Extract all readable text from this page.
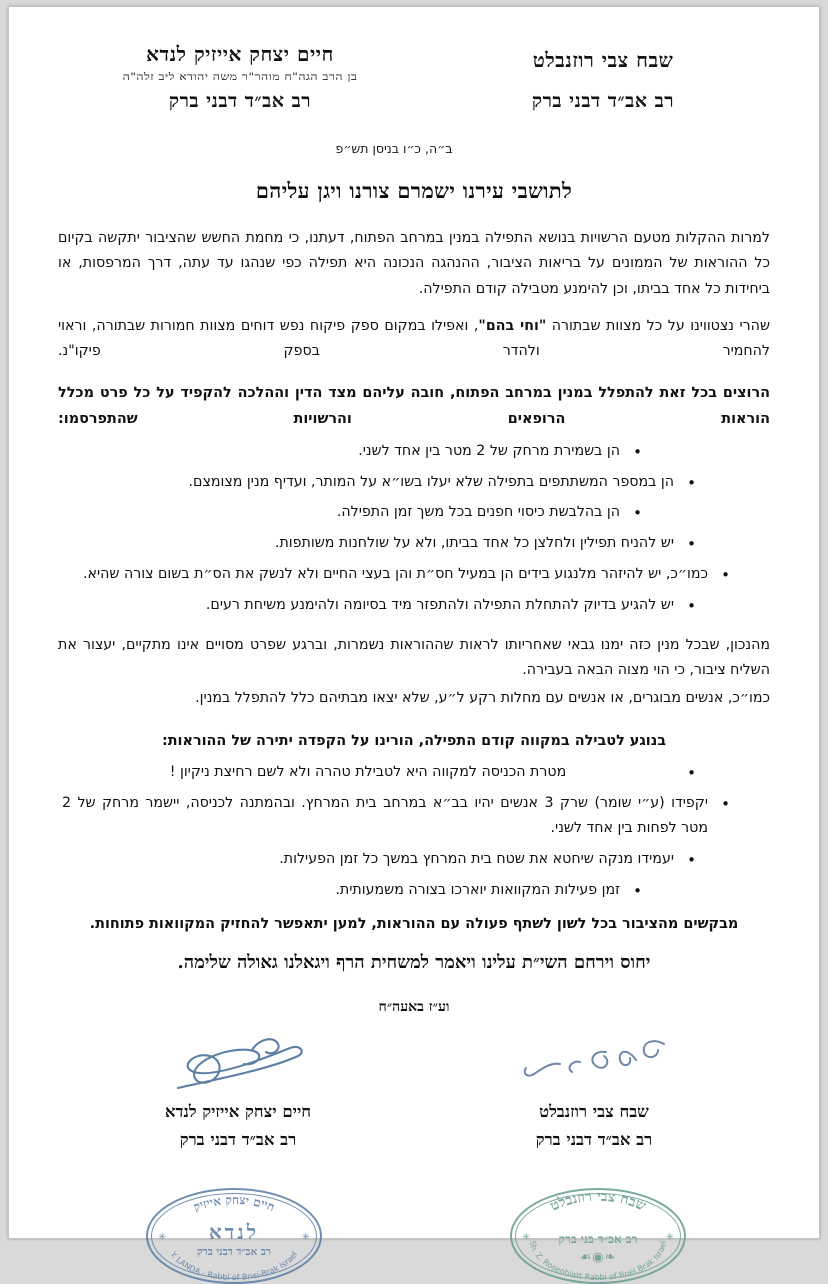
חיים יצחק אייזיק לנדא
בן הרב הגה"ח מוהר"ר משה יהודא ליב זלה"ה
רב אב״ד דבני ברק
שבח צבי רוזנבלט
רב אב״ד דבני ברק
ב״ה, כ״ו בניסן תש״פ
לתושבי עירנו ישמרם צורנו ויגן עליהם

למרות ההקלות מטעם הרשויות בנושא התפילה במנין במרחב הפתוח, דעתנו, כי מחמת החשש שהציבור יתקשה בקיום כל ההוראות של הממונים על בריאות הציבור, ההנהגה הנכונה היא תפילה כפי שנהגו עד עתה, דרך המרפסות, או ביחידות כל אחד בביתו, וכן להימנע מטבילה קודם התפילה.

שהרי נצטווינו על כל מצוות שבתורה "וחי בהם", ואפילו במקום ספק פיקוח נפש דוחים מצוות חמורות שבתורה, וראוי להחמיר ולהדר בספק פיקו"נ.

הרוצים בכל זאת להתפלל במנין במרחב הפתוח, חובה עליהם מצד הדין וההלכה להקפיד על כל פרט מכלל הוראות הרופאים והרשויות שהתפרסמו:

• הן בשמירת מרחק של 2 מטר בין אחד לשני.
• הן במספר המשתתפים בתפילה שלא יעלו בשו״א על המותר, ועדיף מנין מצומצם.
• הן בהלבשת כיסוי חפנים בכל משך זמן התפילה.
• יש להניח תפילין ולחלצן כל אחד בביתו, ולא על שולחנות משותפות.
• כמו״כ, יש להיזהר מלנגוע בידים הן במעיל חס״ת והן בעצי החיים ולא לנשק את הס״ת בשום צורה שהיא.
• יש להגיע בדיוק להתחלת התפילה ולהתפזר מיד בסיומה ולהימנע משיחת רעים.

מהנכון, שבכל מנין כזה ימנו גבאי שאחריותו לראות שההוראות נשמרות, וברגע שפרט מסויים אינו מתקיים, יעצור את השליח ציבור, כי הוי מצוה הבאה בעבירה.

כמו״כ, אנשים מבוגרים, או אנשים עם מחלות רקע ל״ע, שלא יצאו מבתיהם כלל להתפלל במנין.

בנוגע לטבילה במקווה קודם התפילה, הורינו על הקפדה יתירה של ההוראות:

• מטרת הכניסה למקווה היא לטבילת טהרה ולא לשם רחיצת ניקיון !
• יקפידו (ע״י שומר) שרק 3 אנשים יהיו בב״א במרחב בית המרחץ. ובהמתנה לכניסה, יישמר מרחק של 2 מטר לפחות בין אחד לשני.
• יעמידו מנקה שיחטא את שטח בית המרחץ במשך כל זמן הפעילות.
• זמן פעילות המקוואות יוארכו בצורה משמעותית.
מבקשים מהציבור בכל לשון לשתף פעולה עם ההוראות, למען יתאפשר להחזיק המקוואות פתוחות.
יחוס וירחם השי״ת עלינו ויאמר למשחית הרף ויגאלנו גאולה שלימה.
וע״ז באעה״ח
חיים יצחק אייזיק לנדא
רב אב״ד דבני ברק
שבח צבי רוזנבלט
רב אב״ד דבני ברק
חיים יצחק אייזיק
Y. LANDA - Rabbi of Bnei-Brak Israel
✳
✳	לנדא
רב אב״ד דבני ברק
שבח צבי רוזנבלט
Sh. Z. Rosenblatt Rabbi of Bnei Brak Israel
✳
✳	רב אב״ד בני ברק
❧◉☙
